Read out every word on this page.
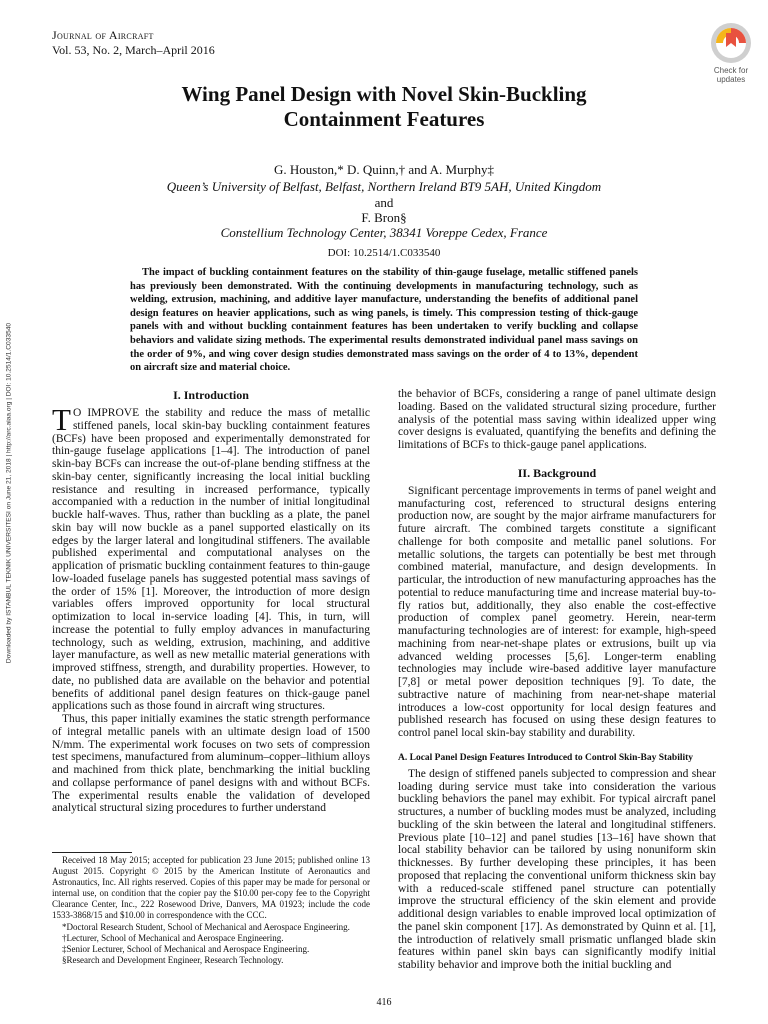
Journal of Aircraft
Vol. 53, No. 2, March–April 2016
Check for updates
Wing Panel Design with Novel Skin-Buckling
Containment Features
G. Houston,* D. Quinn,† and A. Murphy‡
Queen’s University of Belfast, Belfast, Northern Ireland BT9 5AH, United Kingdom
and
F. Bron§
Constellium Technology Center, 38341 Voreppe Cedex, France
DOI: 10.2514/1.C033540
The impact of buckling containment features on the stability of thin-gauge fuselage, metallic stiffened panels has previously been demonstrated. With the continuing developments in manufacturing technology, such as welding, extrusion, machining, and additive layer manufacture, understanding the benefits of additional panel design features on heavier applications, such as wing panels, is timely. This compression testing of thick-gauge panels with and without buckling containment features has been undertaken to verify buckling and collapse behaviors and validate sizing methods. The experimental results demonstrated individual panel mass savings on the order of 9%, and wing cover design studies demonstrated mass savings on the order of 4 to 13%, dependent on aircraft size and material choice.
Downloaded by ISTANBUL TEKNIK UNIVERSITESI on June 21, 2018 | http://arc.aiaa.org | DOI: 10.2514/1.C033540	I. Introduction

T O IMPROVE the stability and reduce the mass of metallic stiffened panels, local skin-bay buckling containment features (BCFs) have been proposed and experimentally demonstrated for thin-gauge fuselage applications [1–4]. The introduction of panel skin-bay BCFs can increase the out-of-plane bending stiffness at the skin-bay center, significantly increasing the local initial buckling resistance and resulting in increased performance, typically accompanied with a reduction in the number of initial longitudinal buckle half-waves. Thus, rather than buckling as a plate, the panel skin bay will now buckle as a panel supported elastically on its edges by the larger lateral and longitudinal stiffeners. The available published experimental and computational analyses on the application of prismatic buckling containment features to thin-gauge low-loaded fuselage panels has suggested potential mass savings of the order of 15% [1]. Moreover, the introduction of more design variables offers improved opportunity for local structural optimization to local in-service loading [4]. This, in turn, will increase the potential to fully employ advances in manufacturing technology, such as welding, extrusion, machining, and additive layer manufacture, as well as new metallic material generations with improved stiffness, strength, and durability properties. However, to date, no published data are available on the behavior and potential benefits of additional panel design features on thick-gauge panel applications such as those found in aircraft wing structures.

Thus, this paper initially examines the static strength performance of integral metallic panels with an ultimate design load of 1500 N/mm. The experimental work focuses on two sets of compression test specimens, manufactured from aluminum–copper–lithium alloys and machined from thick plate, benchmarking the initial buckling and collapse performance of panel designs with and without BCFs. The experimental results enable the validation of developed analytical structural sizing procedures to further understand

Received 18 May 2015; accepted for publication 23 June 2015; published online 13 August 2015. Copyright © 2015 by the American Institute of Aeronautics and Astronautics, Inc. All rights reserved. Copies of this paper may be made for personal or internal use, on condition that the copier pay the $10.00 per-copy fee to the Copyright Clearance Center, Inc., 222 Rosewood Drive, Danvers, MA 01923; include the code 1533-3868/15 and $10.00 in correspondence with the CCC.

*Doctoral Research Student, School of Mechanical and Aerospace Engineering.

†Lecturer, School of Mechanical and Aerospace Engineering.

‡Senior Lecturer, School of Mechanical and Aerospace Engineering.

§Research and Development Engineer, Research Technology.

the behavior of BCFs, considering a range of panel ultimate design loading. Based on the validated structural sizing procedure, further analysis of the potential mass saving within idealized upper wing cover designs is evaluated, quantifying the benefits and defining the limitations of BCFs to thick-gauge panel applications.

II. Background

Significant percentage improvements in terms of panel weight and manufacturing cost, referenced to structural designs entering production now, are sought by the major airframe manufacturers for future aircraft. The combined targets constitute a significant challenge for both composite and metallic panel solutions. For metallic solutions, the targets can potentially be best met through combined material, manufacture, and design developments. In particular, the introduction of new manufacturing approaches has the potential to reduce manufacturing time and increase material buy-to-fly ratios but, additionally, they also enable the cost-effective production of complex panel geometry. Herein, near-term manufacturing technologies are of interest: for example, high-speed machining from near-net-shape plates or extrusions, built up via advanced welding processes [5,6]. Longer-term enabling technologies may include wire-based additive layer manufacture [7,8] or metal power deposition techniques [9]. To date, the subtractive nature of machining from near-net-shape material introduces a low-cost opportunity for local design features and published research has focused on using these design features to control panel local skin-bay stability and durability.

A. Local Panel Design Features Introduced to Control Skin-Bay Stability

The design of stiffened panels subjected to compression and shear loading during service must take into consideration the various buckling behaviors the panel may exhibit. For typical aircraft panel structures, a number of buckling modes must be analyzed, including buckling of the skin between the lateral and longitudinal stiffeners. Previous plate [10–12] and panel studies [13–16] have shown that local stability behavior can be tailored by using nonuniform skin thicknesses. By further developing these principles, it has been proposed that replacing the conventional uniform thickness skin bay with a reduced-scale stiffened panel structure can potentially improve the structural efficiency of the skin element and provide additional design variables to enable improved local optimization of the panel skin component [17]. As demonstrated by Quinn et al. [1], the introduction of relatively small prismatic unflanged blade skin features within panel skin bays can significantly modify initial stability behavior and improve both the initial buckling and

416
